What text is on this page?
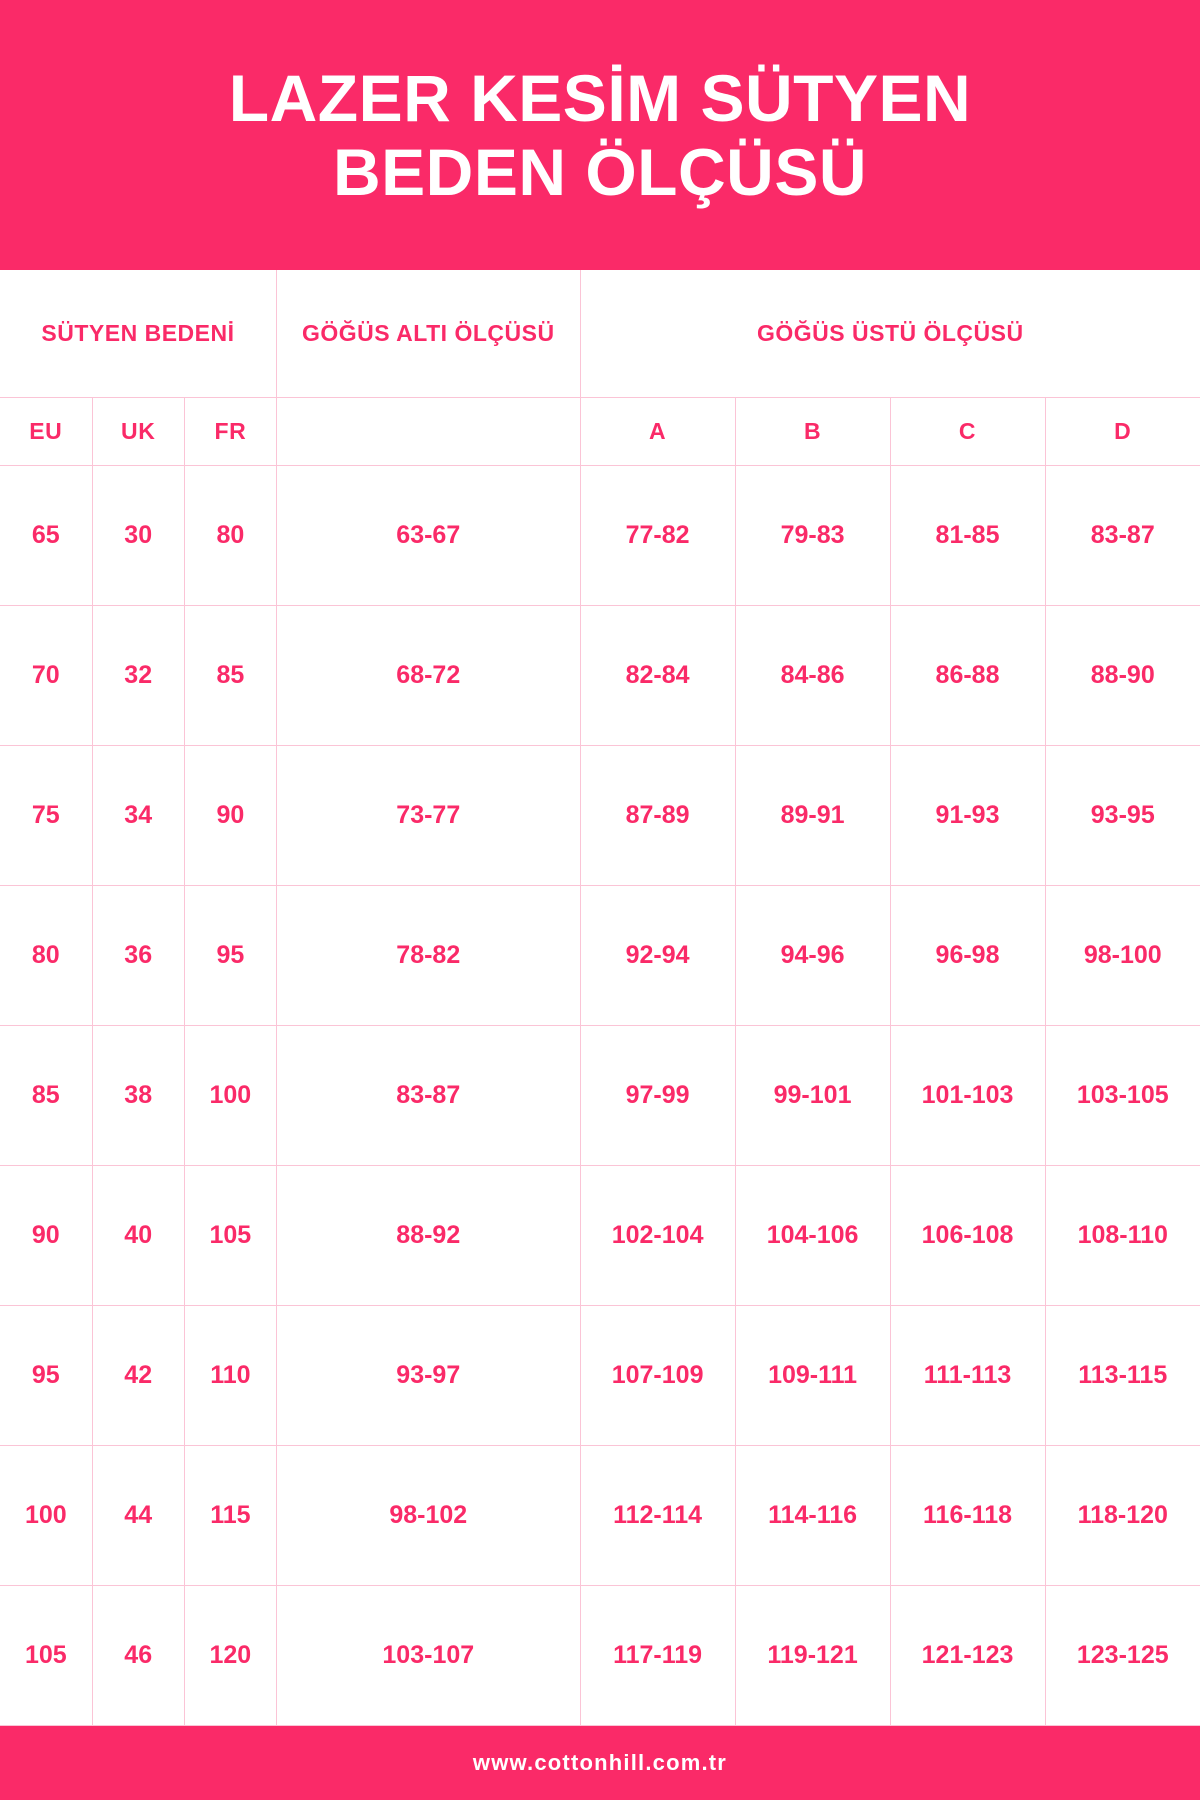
LAZER KESİM SÜTYEN
BEDEN ÖLÇÜSÜ
SÜTYEN BEDENİ			GÖĞÜS ALTI ÖLÇÜSÜ	GÖĞÜS ÜSTÜ ÖLÇÜSÜ			
EU	UK	FR		A	B	C	D
65	30	80	63-67	77-82	79-83	81-85	83-87
70	32	85	68-72	82-84	84-86	86-88	88-90
75	34	90	73-77	87-89	89-91	91-93	93-95
80	36	95	78-82	92-94	94-96	96-98	98-100
85	38	100	83-87	97-99	99-101	101-103	103-105
90	40	105	88-92	102-104	104-106	106-108	108-110
95	42	110	93-97	107-109	109-111	111-113	113-115
100	44	115	98-102	112-114	114-116	116-118	118-120
105	46	120	103-107	117-119	119-121	121-123	123-125
www.cottonhill.com.tr
